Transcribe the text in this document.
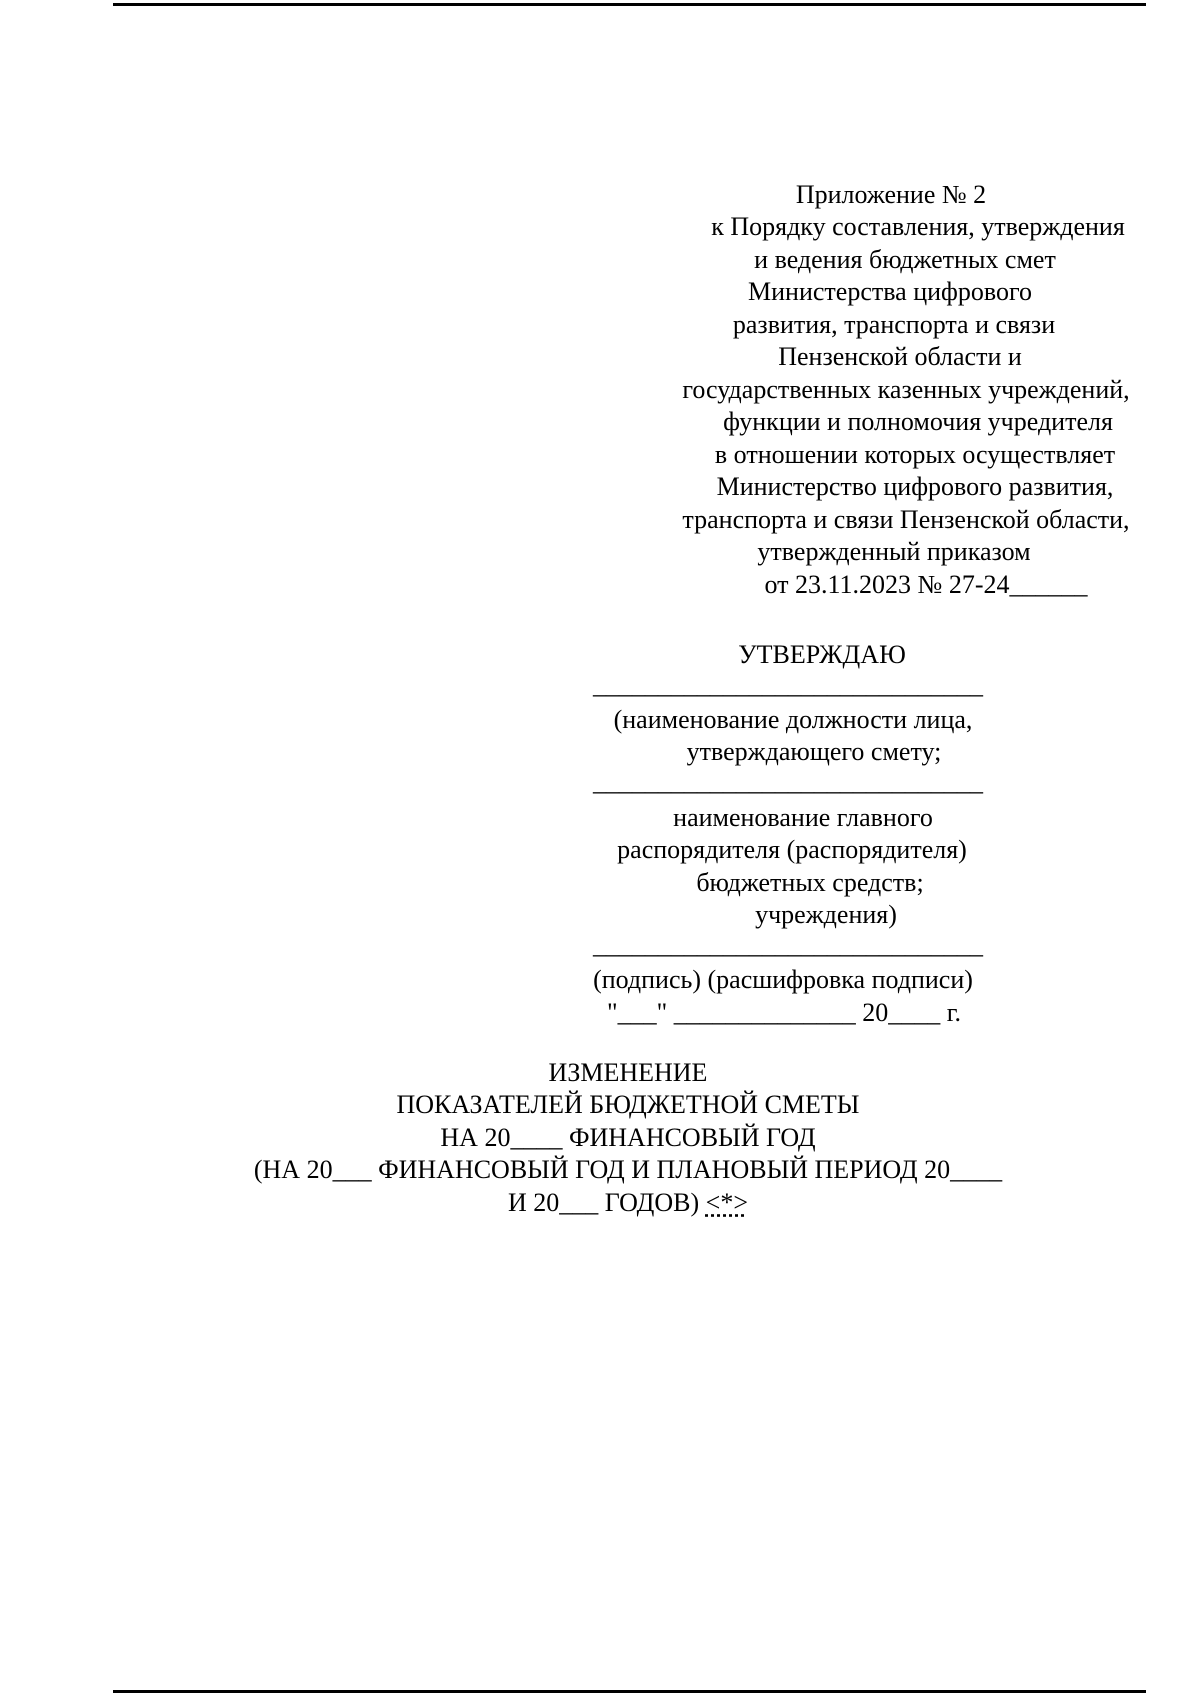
Приложение № 2
к Порядку составления, утверждения
и ведения бюджетных смет
Министерства цифрового
развития, транспорта и связи
Пензенской области и
государственных казенных учреждений,
функции и полномочия учредителя
в отношении которых осуществляет
Министерство цифрового развития,
транспорта и связи Пензенской области,
утвержденный приказом
от 23.11.2023 № 27-24______
УТВЕРЖДАЮ
______________________________
(наименование должности лица,
утверждающего смету;
______________________________
наименование главного
распорядителя (распорядителя)
бюджетных средств;
учреждения)
______________________________
(подпись) (расшифровка подписи)
"___" ______________ 20____ г.
ИЗМЕНЕНИЕ
ПОКАЗАТЕЛЕЙ БЮДЖЕТНОЙ СМЕТЫ
НА 20____ ФИНАНСОВЫЙ ГОД
(НА 20___ ФИНАНСОВЫЙ ГОД И ПЛАНОВЫЙ ПЕРИОД 20____
И 20___ ГОДОВ) <*>
